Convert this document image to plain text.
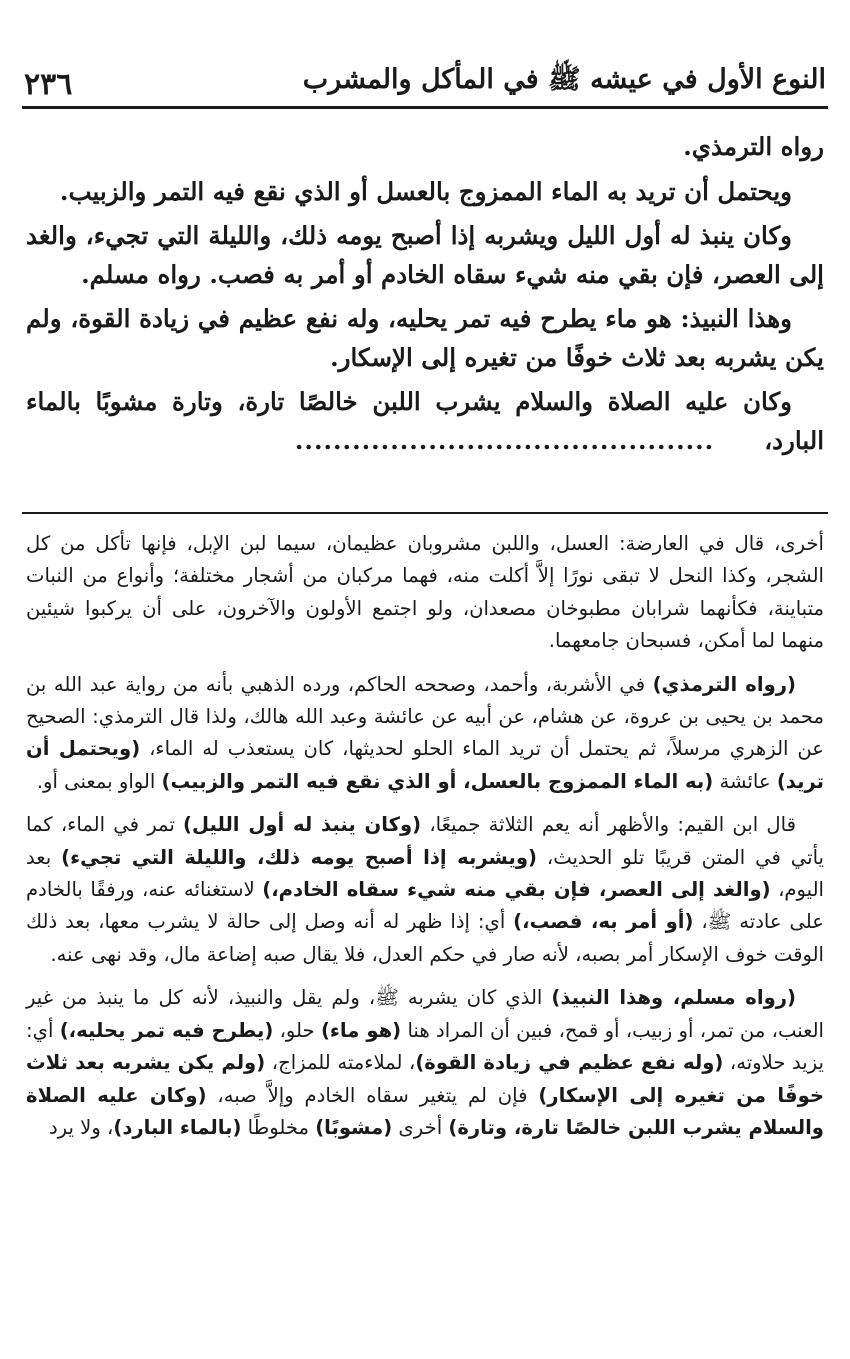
النوع الأول في عيشه ﷺ في المأكل والمشرب
٢٣٦

رواه الترمذي.

ويحتمل أن تريد به الماء الممزوج بالعسل أو الذي نقع فيه التمر والزبيب.

وكان ينبذ له أول الليل ويشربه إذا أصبح يومه ذلك، والليلة التي تجيء، والغد إلى العصر، فإن بقي منه شيء سقاه الخادم أو أمر به فصب. رواه مسلم.

وهذا النبيذ: هو ماء يطرح فيه تمر يحليه، وله نفع عظيم في زيادة القوة، ولم يكن يشربه بعد ثلاث خوفًا من تغيره إلى الإسكار.

وكان عليه الصلاة والسلام يشرب اللبن خالصًا تارة، وتارة مشوبًا بالماء البارد،............................................

أخرى، قال في العارضة: العسل، واللبن مشروبان عظيمان، سيما لبن الإبل، فإنها تأكل من كل الشجر، وكذا النحل لا تبقى نورًا إلاَّ أكلت منه، فهما مركبان من أشجار مختلفة؛ وأنواع من النبات متباينة، فكأنهما شرابان مطبوخان مصعدان، ولو اجتمع الأولون والآخرون، على أن يركبوا شيئين منهما لما أمكن، فسبحان جامعهما.

(رواه الترمذي) في الأشربة، وأحمد، وصححه الحاكم، ورده الذهبي بأنه من رواية عبد الله بن محمد بن يحيى بن عروة، عن هشام، عن أبيه عن عائشة وعبد الله هالك، ولذا قال الترمذي: الصحيح عن الزهري مرسلاً، ثم يحتمل أن تريد الماء الحلو لحديثها، كان يستعذب له الماء، (ويحتمل أن تريد) عائشة (به الماء الممزوج بالعسل، أو الذي نقع فيه التمر والزبيب) الواو بمعنى أو.

قال ابن القيم: والأظهر أنه يعم الثلاثة جميعًا، (وكان ينبذ له أول الليل) تمر في الماء، كما يأتي في المتن قريبًا تلو الحديث، (ويشربه إذا أصبح يومه ذلك، والليلة التي تجيء) بعد اليوم، (والغد إلى العصر، فإن بقي منه شيء سقاه الخادم،) لاستغنائه عنه، ورفقًا بالخادم على عادته ﷺ، (أو أمر به، فصب،) أي: إذا ظهر له أنه وصل إلى حالة لا يشرب معها، بعد ذلك الوقت خوف الإسكار أمر بصبه، لأنه صار في حكم العدل، فلا يقال صبه إضاعة مال، وقد نهى عنه.

(رواه مسلم، وهذا النبيذ) الذي كان يشربه ﷺ، ولم يقل والنبيذ، لأنه كل ما ينبذ من غير العنب، من تمر، أو زبيب، أو قمح، فبين أن المراد هنا (هو ماء) حلو، (يطرح فيه تمر يحليه،) أي: يزيد حلاوته، (وله نفع عظيم في زيادة القوة)، لملاءمته للمزاج، (ولم يكن يشربه بعد ثلاث خوفًا من تغيره إلى الإسكار) فإن لم يتغير سقاه الخادم وإلاَّ صبه، (وكان عليه الصلاة والسلام يشرب اللبن خالصًا تارة، وتارة) أخرى (مشوبًا) مخلوطًا (بالماء البارد)، ولا يرد
